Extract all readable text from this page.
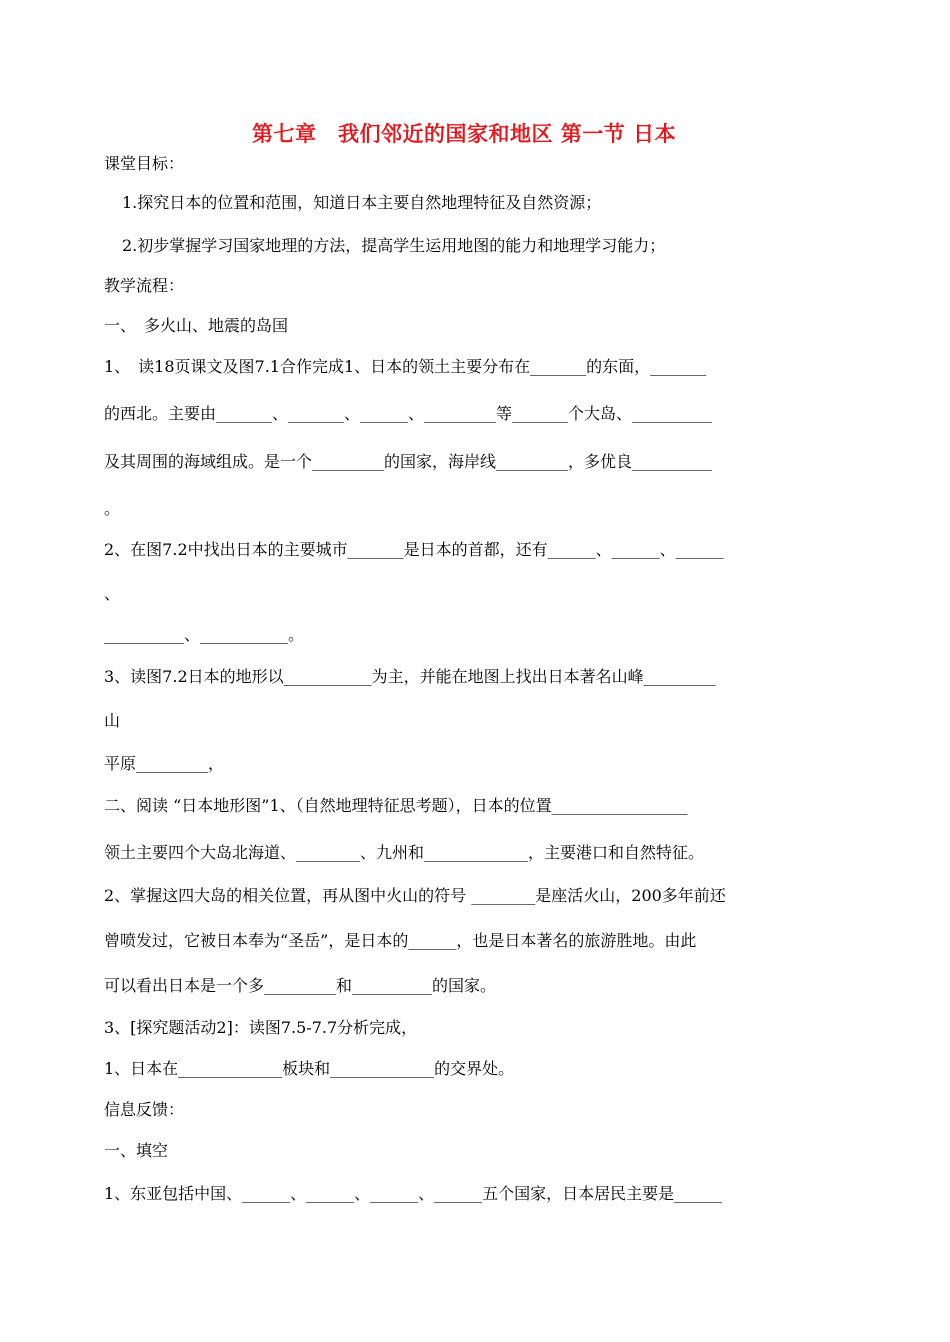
第七章　我们邻近的国家和地区 第一节 日本
课堂目标：
1.探究日本的位置和范围，知道日本主要自然地理特征及自然资源；
2.初步掌握学习国家地理的方法，提高学生运用地图的能力和地理学习能力；
教学流程：
一、　多火山、地震的岛国
1、　读18页课文及图7.1合作完成1、日本的领土主要分布在_______的东面，_______
的西北。主要由_______、_______、______、_________等_______个大岛、__________
及其周围的海域组成。是一个_________的国家，海岸线_________，多优良__________
。
2、在图7.2中找出日本的主要城市_______是日本的首都，还有______、______、______
、
__________、___________。
3、读图7.2日本的地形以___________为主，并能在地图上找出日本著名山峰_________
山
平原_________，
二、阅读 “日本地形图”1、（自然地理特征思考题），日本的位置_________________
领土主要四个大岛北海道、________、九州和_____________，主要港口和自然特征。
2、掌握这四大岛的相关位置，再从图中火山的符号 ________是座活火山，200多年前还
曾喷发过，它被日本奉为“圣岳”，是日本的______，也是日本著名的旅游胜地。由此
可以看出日本是一个多_________和__________的国家。
3、[探究题活动2]：读图7.5-7.7分析完成，
1、日本在_____________板块和_____________的交界处。
信息反馈：
一、填空
1、东亚包括中国、______、______、______、______五个国家，日本居民主要是______
